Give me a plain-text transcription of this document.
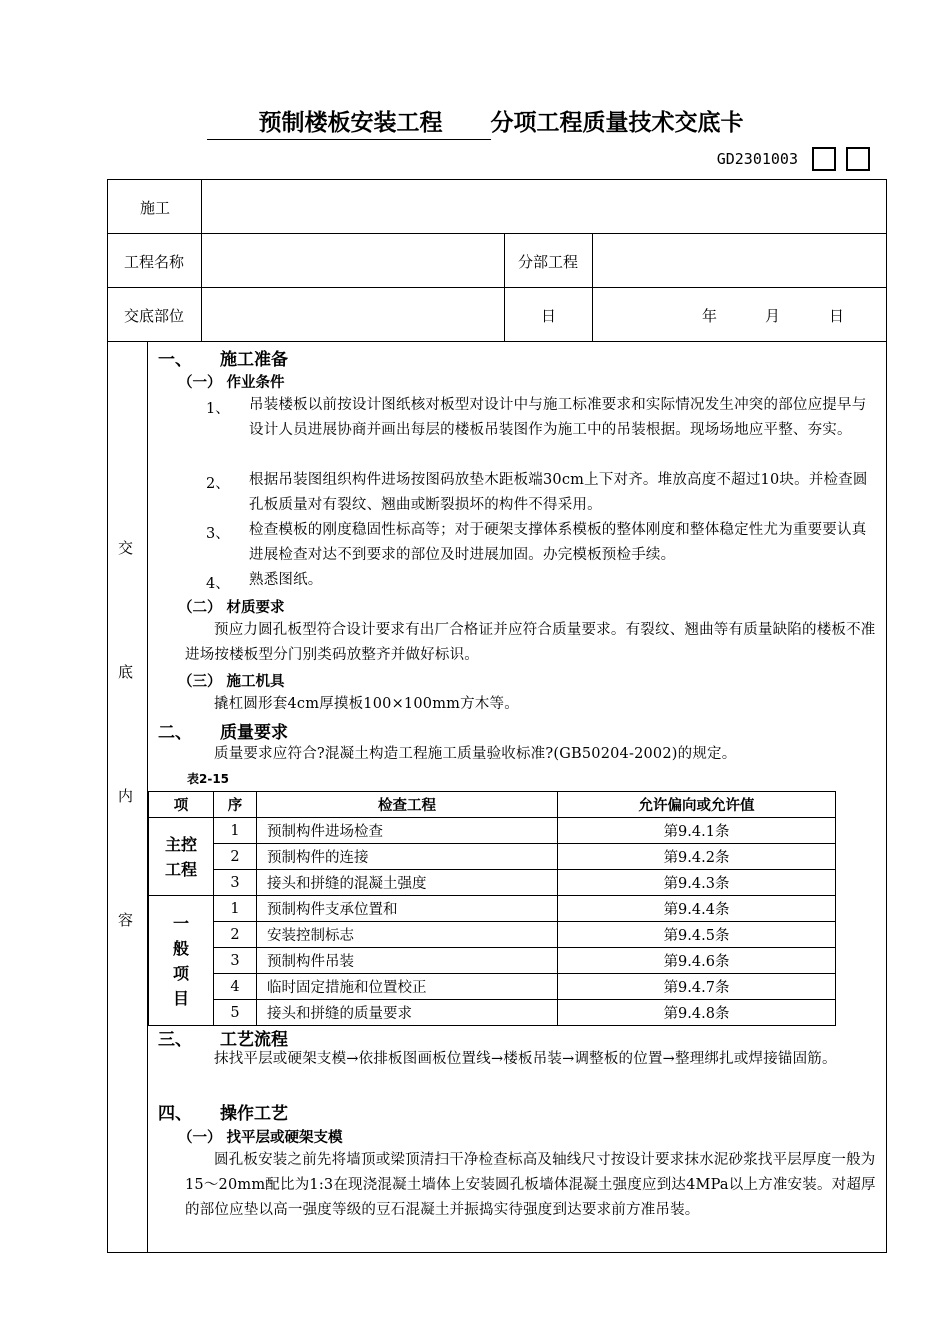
预制楼板安装工程 分项工程质量技术交底卡
GD2301003
施工
工程名称	分部工程
交底部位	日	年	月	日
交
底
内
容
一、 施工准备
（一） 作业条件
1、 吊装楼板以前按设计图纸核对板型对设计中与施工标准要求和实际情况发生冲突的部位应提早与设计人员进展协商并画出每层的楼板吊装图作为施工中的吊装根据。现场场地应平整、夯实。
2、 根据吊装图组织构件进场按图码放垫木距板端30cm上下对齐。堆放高度不超过10块。并检查圆孔板质量对有裂纹、翘曲或断裂损坏的构件不得采用。
3、 检查模板的刚度稳固性标高等；对于硬架支撑体系模板的整体刚度和整体稳定性尤为重要要认真进展检查对达不到要求的部位及时进展加固。办完模板预检手续。
4、 熟悉图纸。
（二） 材质要求
预应力圆孔板型符合设计要求有出厂合格证并应符合质量要求。有裂纹、翘曲等有质量缺陷的楼板不准进场按楼板型分门别类码放整齐并做好标识。
（三） 施工机具
撬杠圆形套4cm厚摸板100×100mm方木等。
二、 质量要求
质量要求应符合?混凝土构造工程施工质量验收标准?(GB50204-2002)的规定。
表2-15
项	序	检查工程	允许偏向或允许值
主控工程	1	预制构件进场检查	第9.4.1条
	2	预制构件的连接	第9.4.2条
	3	接头和拼缝的混凝土强度	第9.4.3条
一般项目	1	预制构件支承位置和	第9.4.4条
	2	安装控制标志	第9.4.5条
	3	预制构件吊装	第9.4.6条
	4	临时固定措施和位置校正	第9.4.7条
	5	接头和拼缝的质量要求	第9.4.8条
三、 工艺流程
抹找平层或硬架支模→依排板图画板位置线→楼板吊装→调整板的位置→整理绑扎或焊接锚固筋。
四、 操作工艺
（一） 找平层或硬架支模
圆孔板安装之前先将墙顶或梁顶清扫干净检查标高及轴线尺寸按设计要求抹水泥砂浆找平层厚度一般为15～20mm配比为1:3在现浇混凝土墙体上安装圆孔板墙体混凝土强度应到达4MPa以上方准安装。对超厚的部位应垫以高一强度等级的豆石混凝土并振捣实待强度到达要求前方准吊装。
